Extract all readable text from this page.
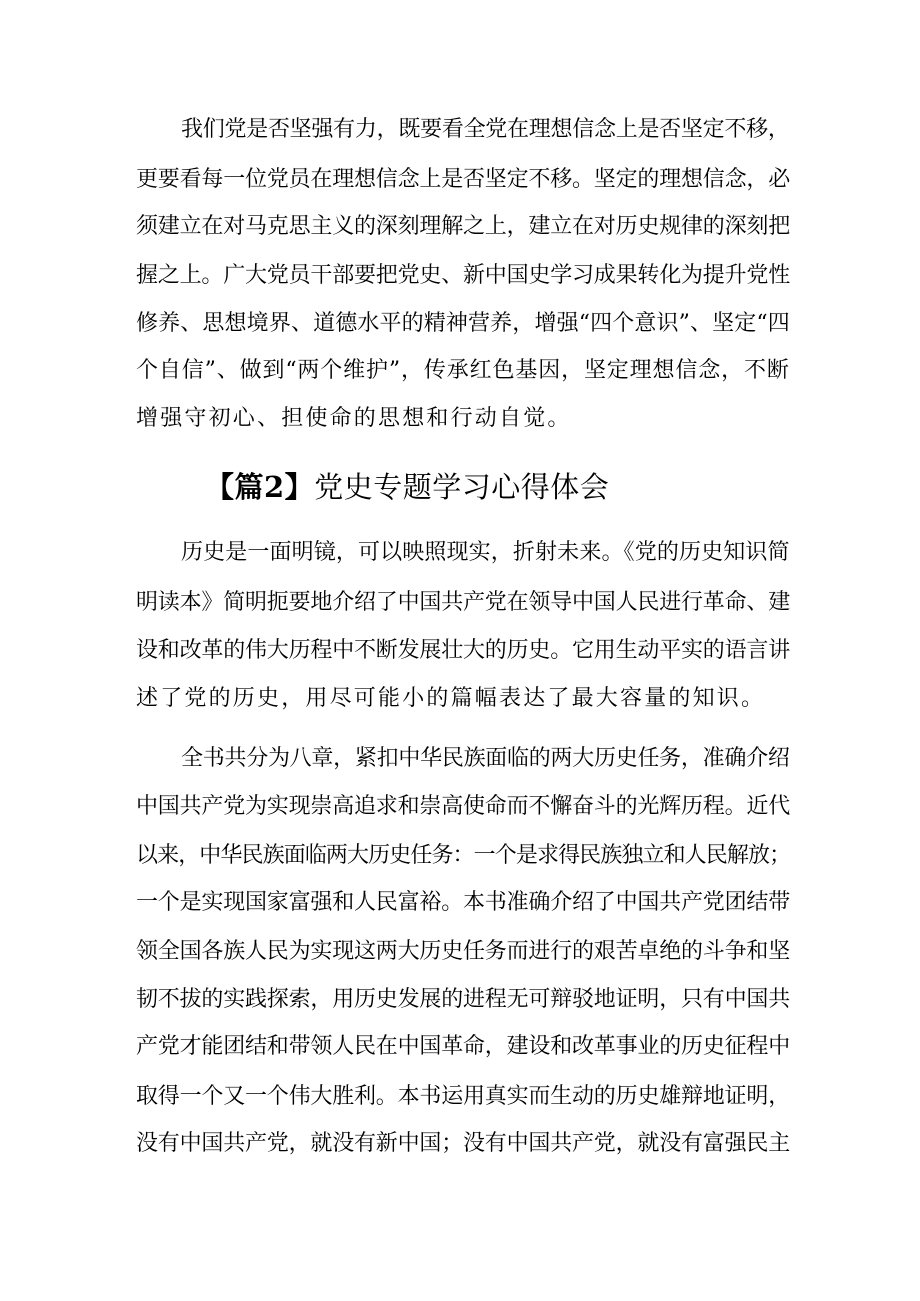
我们党是否坚强有力，既要看全党在理想信念上是否坚定不移，
更要看每一位党员在理想信念上是否坚定不移。坚定的理想信念，必
须建立在对马克思主义的深刻理解之上，建立在对历史规律的深刻把
握之上。广大党员干部要把党史、新中国史学习成果转化为提升党性
修养、思想境界、道德水平的精神营养，增强“四个意识”、坚定“四
个自信”、做到“两个维护”，传承红色基因，坚定理想信念，不断
增强守初心、担使命的思想和行动自觉。
【篇2】党史专题学习心得体会
历史是一面明镜，可以映照现实，折射未来。《党的历史知识简
明读本》简明扼要地介绍了中国共产党在领导中国人民进行革命、建
设和改革的伟大历程中不断发展壮大的历史。它用生动平实的语言讲
述了党的历史，用尽可能小的篇幅表达了最大容量的知识。
全书共分为八章，紧扣中华民族面临的两大历史任务，准确介绍
中国共产党为实现崇高追求和崇高使命而不懈奋斗的光辉历程。近代
以来，中华民族面临两大历史任务：一个是求得民族独立和人民解放；
一个是实现国家富强和人民富裕。本书准确介绍了中国共产党团结带
领全国各族人民为实现这两大历史任务而进行的艰苦卓绝的斗争和坚
韧不拔的实践探索，用历史发展的进程无可辩驳地证明，只有中国共
产党才能团结和带领人民在中国革命，建设和改革事业的历史征程中
取得一个又一个伟大胜利。本书运用真实而生动的历史雄辩地证明，
没有中国共产党，就没有新中国；没有中国共产党，就没有富强民主
